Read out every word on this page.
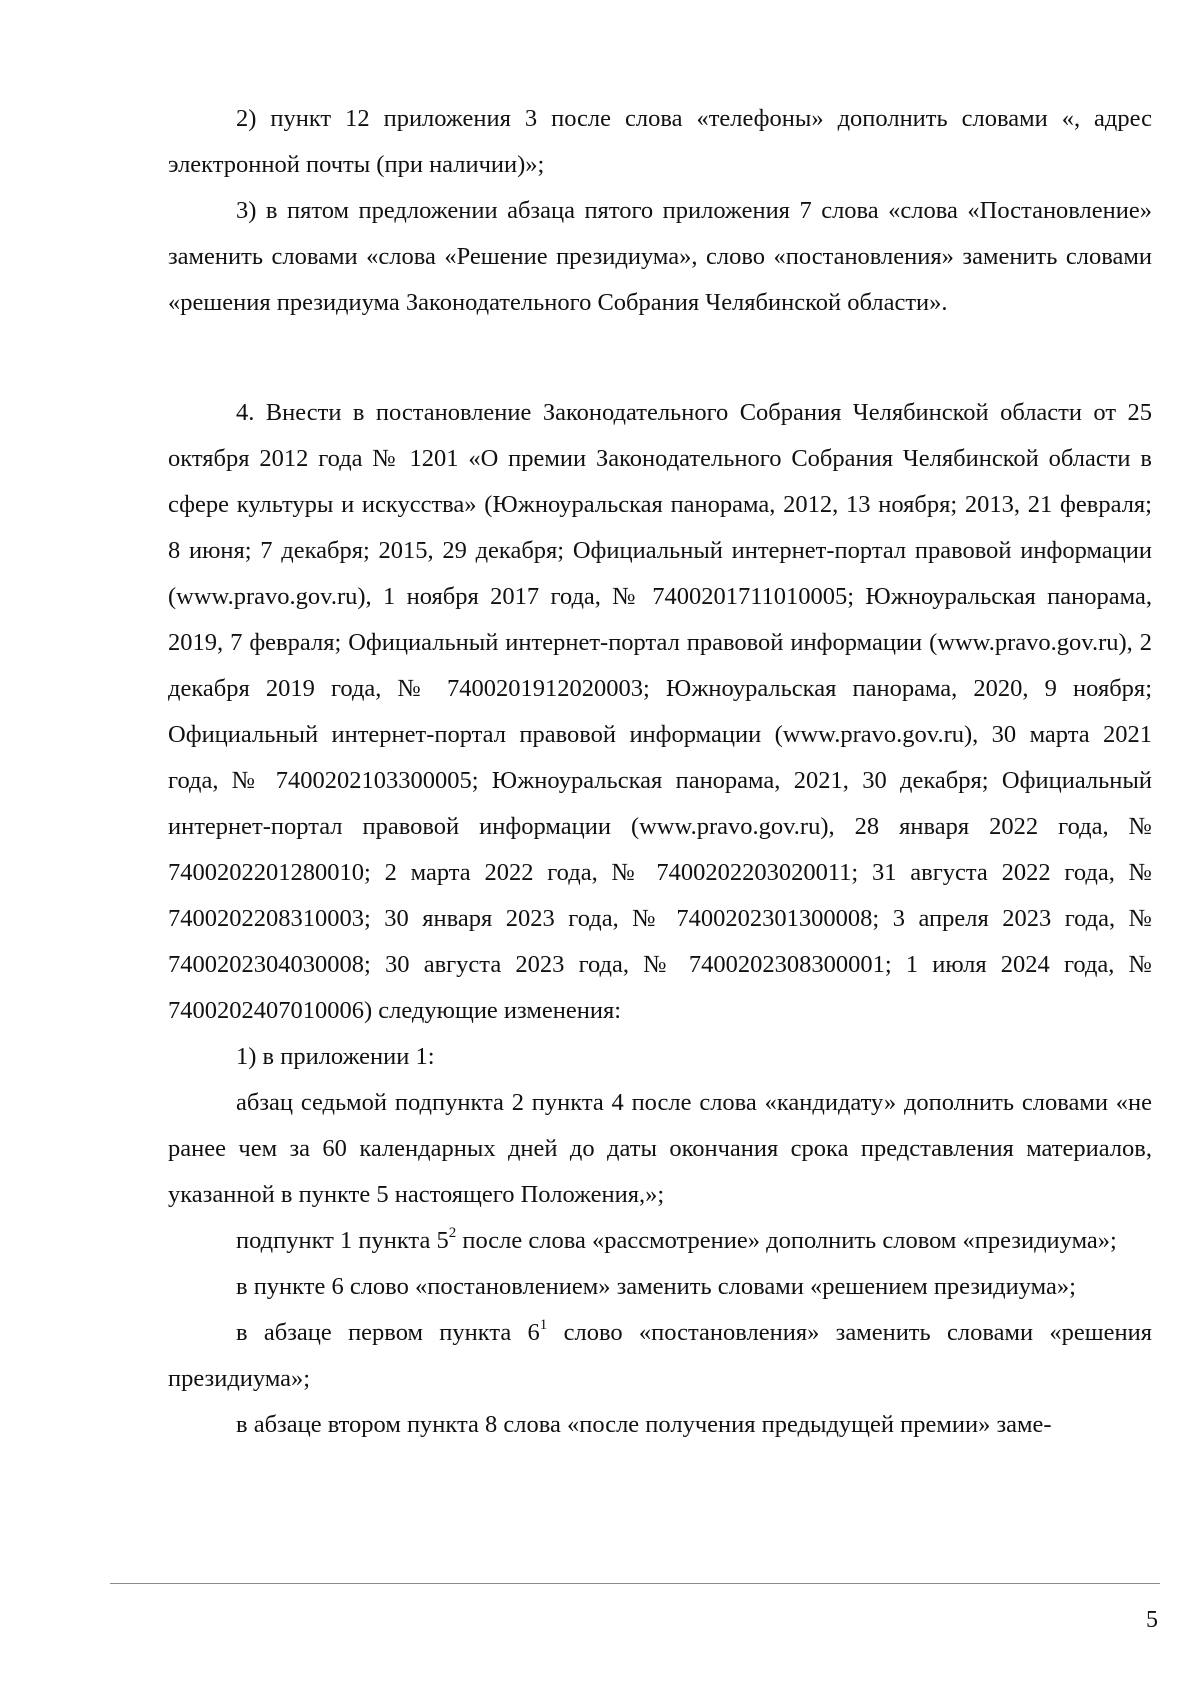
2) пункт 12 приложения 3 после слова «телефоны» дополнить словами «, адрес электронной почты (при наличии)»;

3) в пятом предложении абзаца пятого приложения 7 слова «слова «Постановление» заменить словами «слова «Решение президиума», слово «постановления» заменить словами «решения президиума Законодательного Собрания Челябинской области».

4. Внести в постановление Законодательного Собрания Челябинской области от 25 октября 2012 года № 1201 «О премии Законодательного Собрания Челябинской области в сфере культуры и искусства» (Южноуральская панорама, 2012, 13 ноября; 2013, 21 февраля; 8 июня; 7 декабря; 2015, 29 декабря; Официальный интернет-портал правовой информации (www.pravo.gov.ru), 1 ноября 2017 года, № 7400201711010005; Южноуральская панорама, 2019, 7 февраля; Официальный интернет-портал правовой информации (www.pravo.gov.ru), 2 декабря 2019 года, № 7400201912020003; Южноуральская панорама, 2020, 9 ноября; Официальный интернет-портал правовой информации (www.pravo.gov.ru), 30 марта 2021 года, № 7400202103300005; Южноуральская панорама, 2021, 30 декабря; Официальный интернет-портал правовой информации (www.pravo.gov.ru), 28 января 2022 года, № 7400202201280010; 2 марта 2022 года, № 7400202203020011; 31 августа 2022 года, № 7400202208310003; 30 января 2023 года, № 7400202301300008; 3 апреля 2023 года, № 7400202304030008; 30 августа 2023 года, № 7400202308300001; 1 июля 2024 года, № 7400202407010006) следующие изменения:

1) в приложении 1:

абзац седьмой подпункта 2 пункта 4 после слова «кандидату» дополнить словами «не ранее чем за 60 календарных дней до даты окончания срока представления материалов, указанной в пункте 5 настоящего Положения,»;

подпункт 1 пункта $5^2$ после слова «рассмотрение» дополнить словом «президиума»;

в пункте 6 слово «постановлением» заменить словами «решением президиума»;

в абзаце первом пункта $6^1$ слово «постановления» заменить словами «решения президиума»;

в абзаце втором пункта 8 слова «после получения предыдущей премии» заме-

5
